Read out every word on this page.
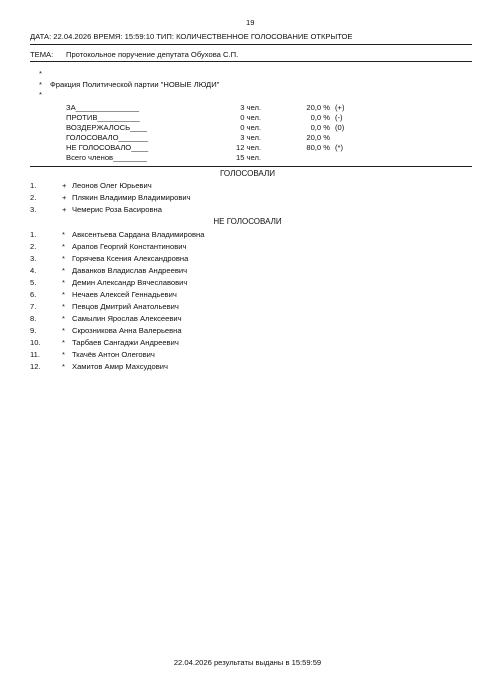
19
ДАТА: 22.04.2026 ВРЕМЯ: 15:59:10 ТИП: КОЛИЧЕСТВЕННОЕ ГОЛОСОВАНИЕ ОТКРЫТОЕ
ТЕМА: Протокольное поручение депутата Обухова С.П.
*
* Фракция Политической партии "НОВЫЕ ЛЮДИ"
*
ЗА_______________	3 чел.	20,0 % (+)
ПРОТИВ__________	0 чел.	0,0 % (-)
ВОЗДЕРЖАЛОСЬ____	0 чел.	0,0 % (0)
ГОЛОСОВАЛО_______	3 чел.	20,0 %
НЕ ГОЛОСОВАЛО____	12 чел.	80,0 % (*)
Всего членов________	15 чел.
ГОЛОСОВАЛИ
1.	+ Леонов Олег Юрьевич
2.	+ Плякин Владимир Владимирович
3.	+ Чемерис Роза Басировна
НЕ ГОЛОСОВАЛИ
1.	* Авксентьева Сардана Владимировна
2.	* Арапов Георгий Константинович
3.	* Горячева Ксения Александровна
4.	* Даванков Владислав Андреевич
5.	* Демин Александр Вячеславович
6.	* Нечаев Алексей Геннадьевич
7.	* Певцов Дмитрий Анатольевич
8.	* Самылин Ярослав Алексеевич
9.	* Скрозникова Анна Валерьевна
10.	* Тарбаев Сангаджи Андреевич
11.	* Ткачёв Антон Олегович
12.	* Хамитов Амир Махсудович
22.04.2026 результаты выданы в 15:59:59
